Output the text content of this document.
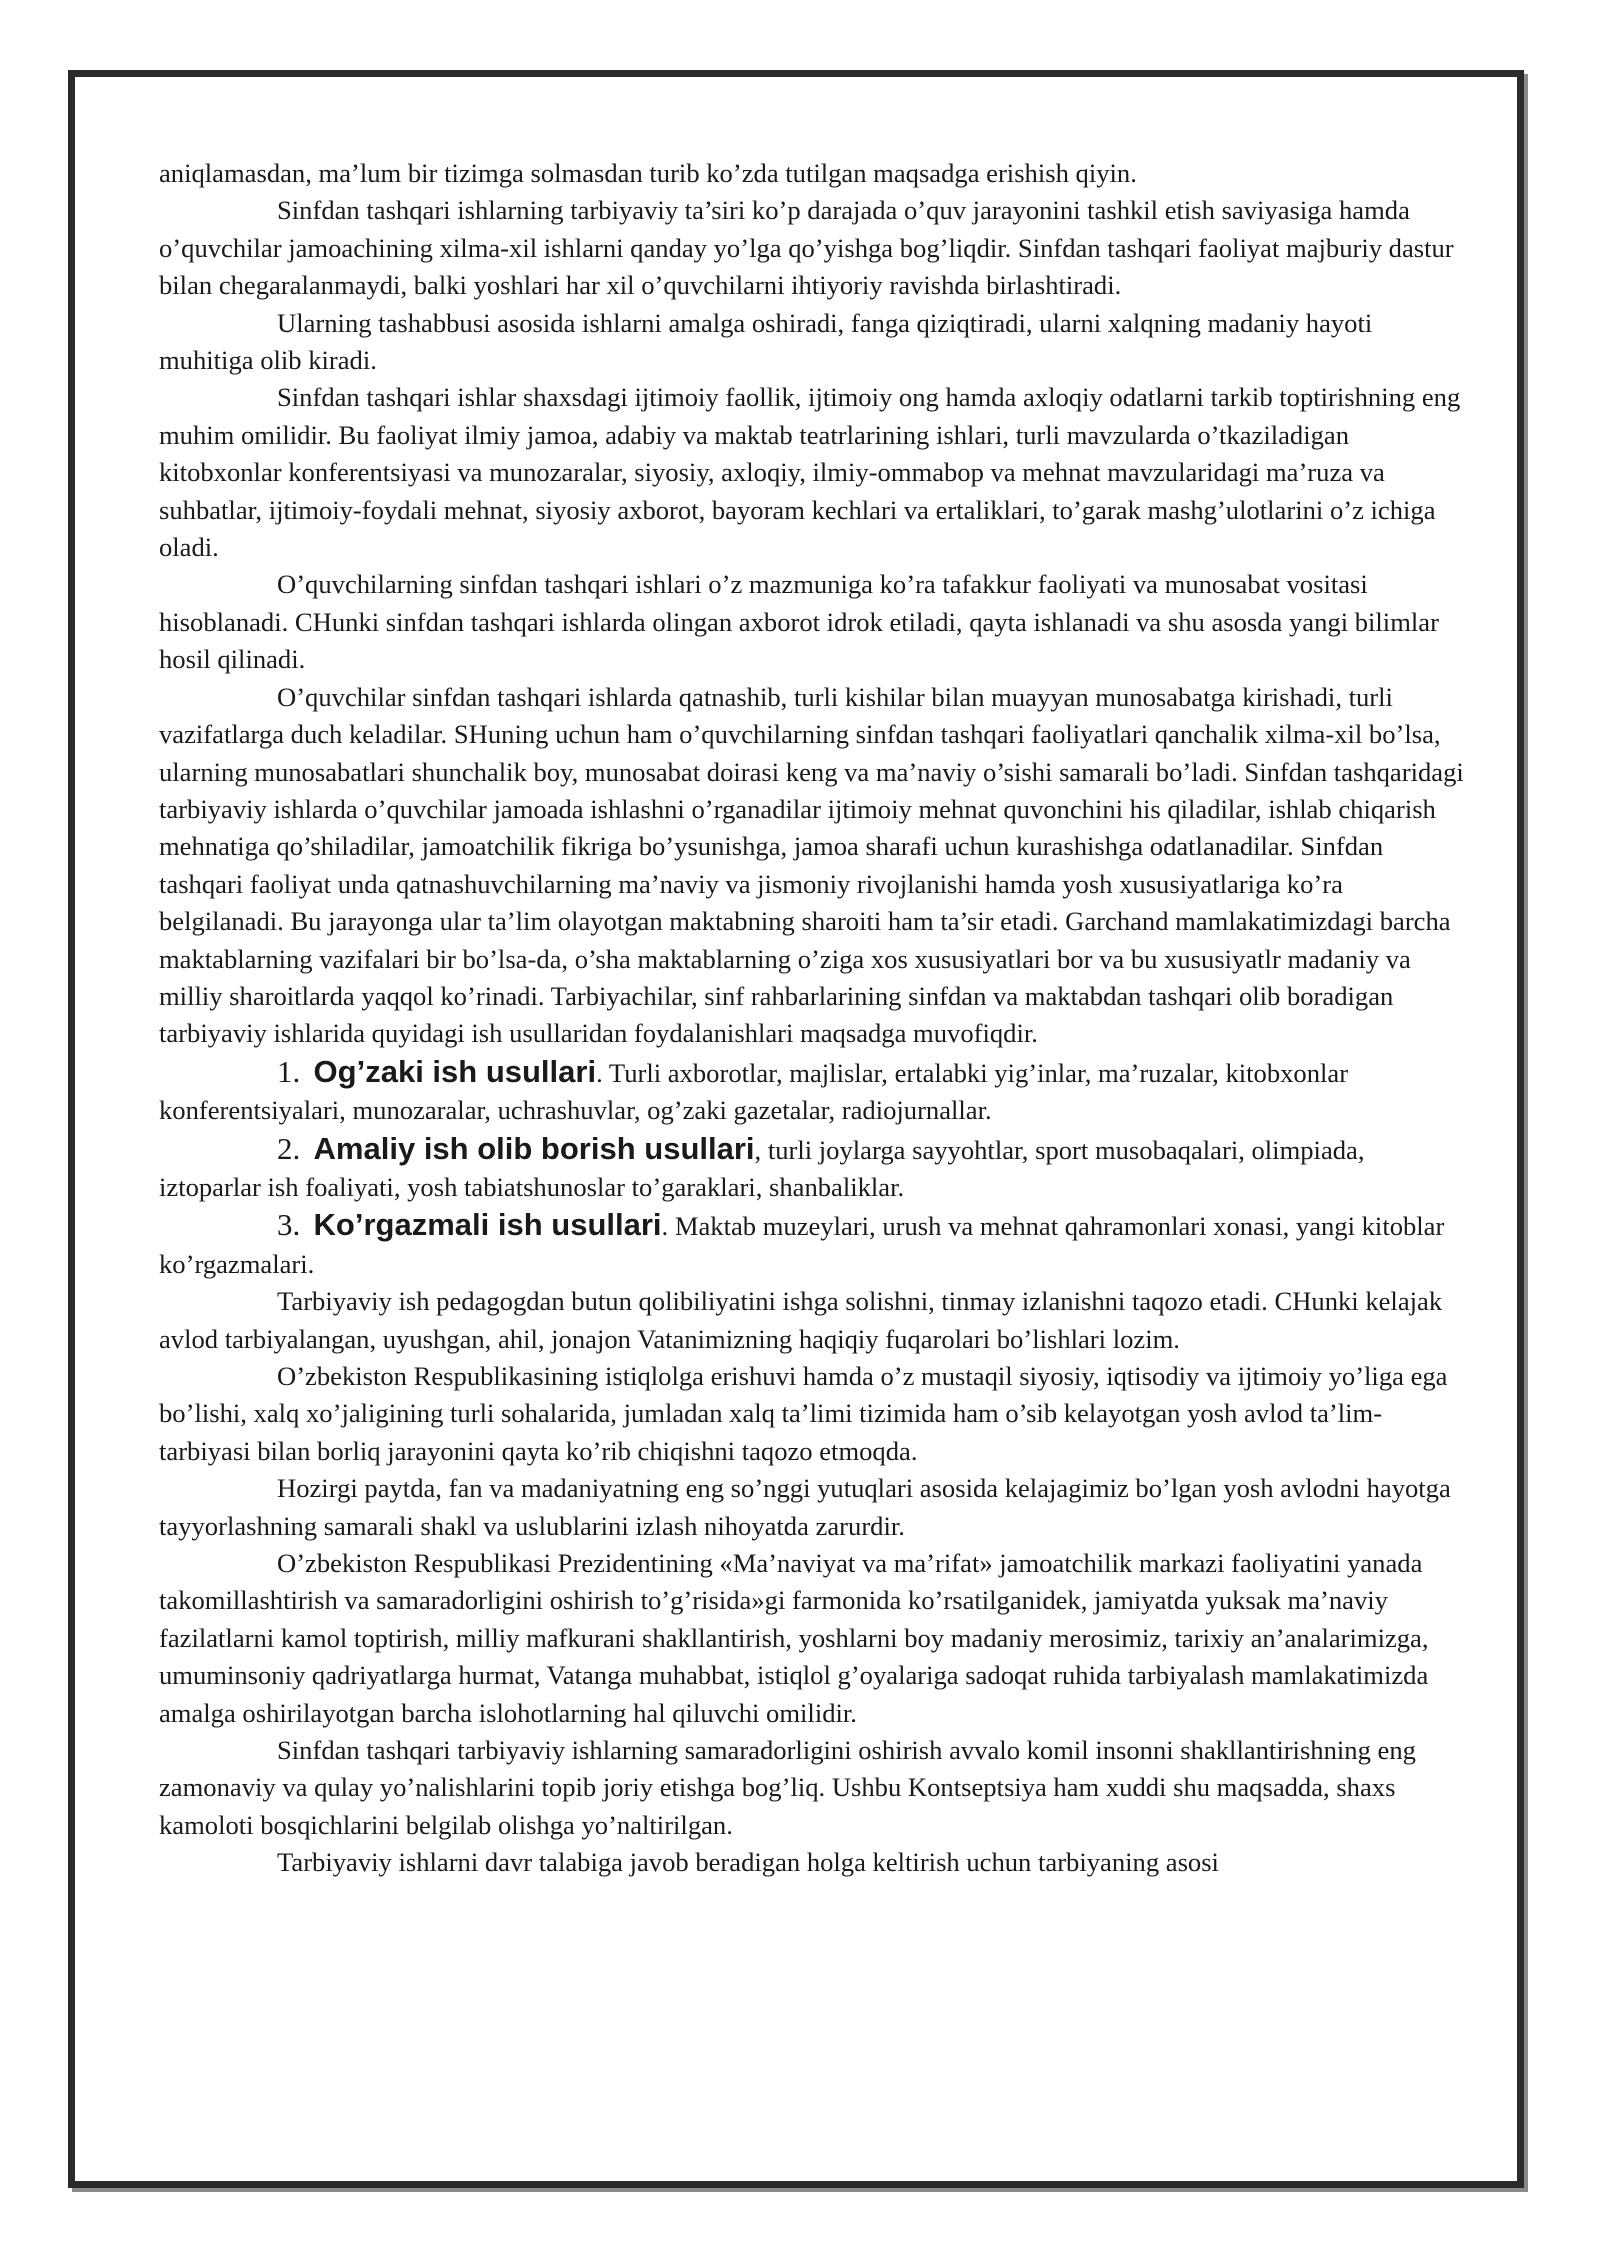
aniqlamasdan, ma’lum bir tizimga solmasdan turib ko’zda tutilgan maqsadga erishish qiyin.

Sinfdan tashqari ishlarning tarbiyaviy ta’siri ko’p darajada o’quv jarayonini tashkil etish saviyasiga hamda o’quvchilar jamoachining xilma-xil ishlarni qanday yo’lga qo’yishga bog’liqdir. Sinfdan tashqari faoliyat majburiy dastur bilan chegaralanmaydi, balki yoshlari har xil o’quvchilarni ihtiyoriy ravishda birlashtiradi.

Ularning tashabbusi asosida ishlarni amalga oshiradi, fanga qiziqtiradi, ularni xalqning madaniy hayoti muhitiga olib kiradi.

Sinfdan tashqari ishlar shaxsdagi ijtimoiy faollik, ijtimoiy ong hamda axloqiy odatlarni tarkib toptirishning eng muhim omilidir. Bu faoliyat ilmiy jamoa, adabiy va maktab teatrlarining ishlari, turli mavzularda o’tkaziladigan kitobxonlar konferentsiyasi va munozaralar, siyosiy, axloqiy, ilmiy-ommabop va mehnat mavzularidagi ma’ruza va suhbatlar, ijtimoiy-foydali mehnat, siyosiy axborot, bayoram kechlari va ertaliklari, to’garak mashg’ulotlarini o’z ichiga oladi.

O’quvchilarning sinfdan tashqari ishlari o’z mazmuniga ko’ra tafakkur faoliyati va munosabat vositasi hisoblanadi. CHunki sinfdan tashqari ishlarda olingan axborot idrok etiladi, qayta ishlanadi va shu asosda yangi bilimlar hosil qilinadi.

O’quvchilar sinfdan tashqari ishlarda qatnashib, turli kishilar bilan muayyan munosabatga kirishadi, turli vazifatlarga duch keladilar. SHuning uchun ham o’quvchilarning sinfdan tashqari faoliyatlari qanchalik xilma-xil bo’lsa, ularning munosabatlari shunchalik boy, munosabat doirasi keng va ma’naviy o’sishi samarali bo’ladi. Sinfdan tashqaridagi tarbiyaviy ishlarda o’quvchilar jamoada ishlashni o’rganadilar ijtimoiy mehnat quvonchini his qiladilar, ishlab chiqarish mehnatiga qo’shiladilar, jamoatchilik fikriga bo’ysunishga, jamoa sharafi uchun kurashishga odatlanadilar. Sinfdan tashqari faoliyat unda qatnashuvchilarning ma’naviy va jismoniy rivojlanishi hamda yosh xususiyatlariga ko’ra belgilanadi. Bu jarayonga ular ta’lim olayotgan maktabning sharoiti ham ta’sir etadi. Garchand mamlakatimizdagi barcha maktablarning vazifalari bir bo’lsa-da, o’sha maktablarning o’ziga xos xususiyatlari bor va bu xususiyatlr madaniy va milliy sharoitlarda yaqqol ko’rinadi. Tarbiyachilar, sinf rahbarlarining sinfdan va maktabdan tashqari olib boradigan tarbiyaviy ishlarida quyidagi ish usullaridan foydalanishlari maqsadga muvofiqdir.

1. Og’zaki ish usullari. Turli axborotlar, majlislar, ertalabki yig’inlar, ma’ruzalar, kitobxonlar konferentsiyalari, munozaralar, uchrashuvlar, og’zaki gazetalar, radiojurnallar.

2. Amaliy ish olib borish usullari, turli joylarga sayyohtlar, sport musobaqalari, olimpiada, iztoparlar ish foaliyati, yosh tabiatshunoslar to’garaklari, shanbaliklar.

3. Ko’rgazmali ish usullari. Maktab muzeylari, urush va mehnat qahramonlari xonasi, yangi kitoblar ko’rgazmalari.

Tarbiyaviy ish pedagogdan butun qolibiliyatini ishga solishni, tinmay izlanishni taqozo etadi. CHunki kelajak avlod tarbiyalangan, uyushgan, ahil, jonajon Vatanimizning haqiqiy fuqarolari bo’lishlari lozim.

O’zbekiston Respublikasining istiqlolga erishuvi hamda o’z mustaqil siyosiy, iqtisodiy va ijtimoiy yo’liga ega bo’lishi, xalq xo’jaligining turli sohalarida, jumladan xalq ta’limi tizimida ham o’sib kelayotgan yosh avlod ta’lim- tarbiyasi bilan borliq jarayonini qayta ko’rib chiqishni taqozo etmoqda.

Hozirgi paytda, fan va madaniyatning eng so’nggi yutuqlari asosida kelajagimiz bo’lgan yosh avlodni hayotga tayyorlashning samarali shakl va uslublarini izlash nihoyatda zarurdir.

O’zbekiston Respublikasi Prezidentining «Ma’naviyat va ma’rifat» jamoatchilik markazi faoliyatini yanada takomillashtirish va samaradorligini oshirish to’g’risida»gi farmonida ko’rsatilganidek, jamiyatda yuksak ma’naviy fazilatlarni kamol toptirish, milliy mafkurani shakllantirish, yoshlarni boy madaniy merosimiz, tarixiy an’analarimizga, umuminsoniy qadriyatlarga hurmat, Vatanga muhabbat, istiqlol g’oyalariga sadoqat ruhida tarbiyalash mamlakatimizda amalga oshirilayotgan barcha islohotlarning hal qiluvchi omilidir.

Sinfdan tashqari tarbiyaviy ishlarning samaradorligini oshirish avvalo komil insonni shakllantirishning eng zamonaviy va qulay yo’nalishlarini topib joriy etishga bog’liq. Ushbu Kontseptsiya ham xuddi shu maqsadda, shaxs kamoloti bosqichlarini belgilab olishga yo’naltirilgan.

Tarbiyaviy ishlarni davr talabiga javob beradigan holga keltirish uchun tarbiyaning asosi
